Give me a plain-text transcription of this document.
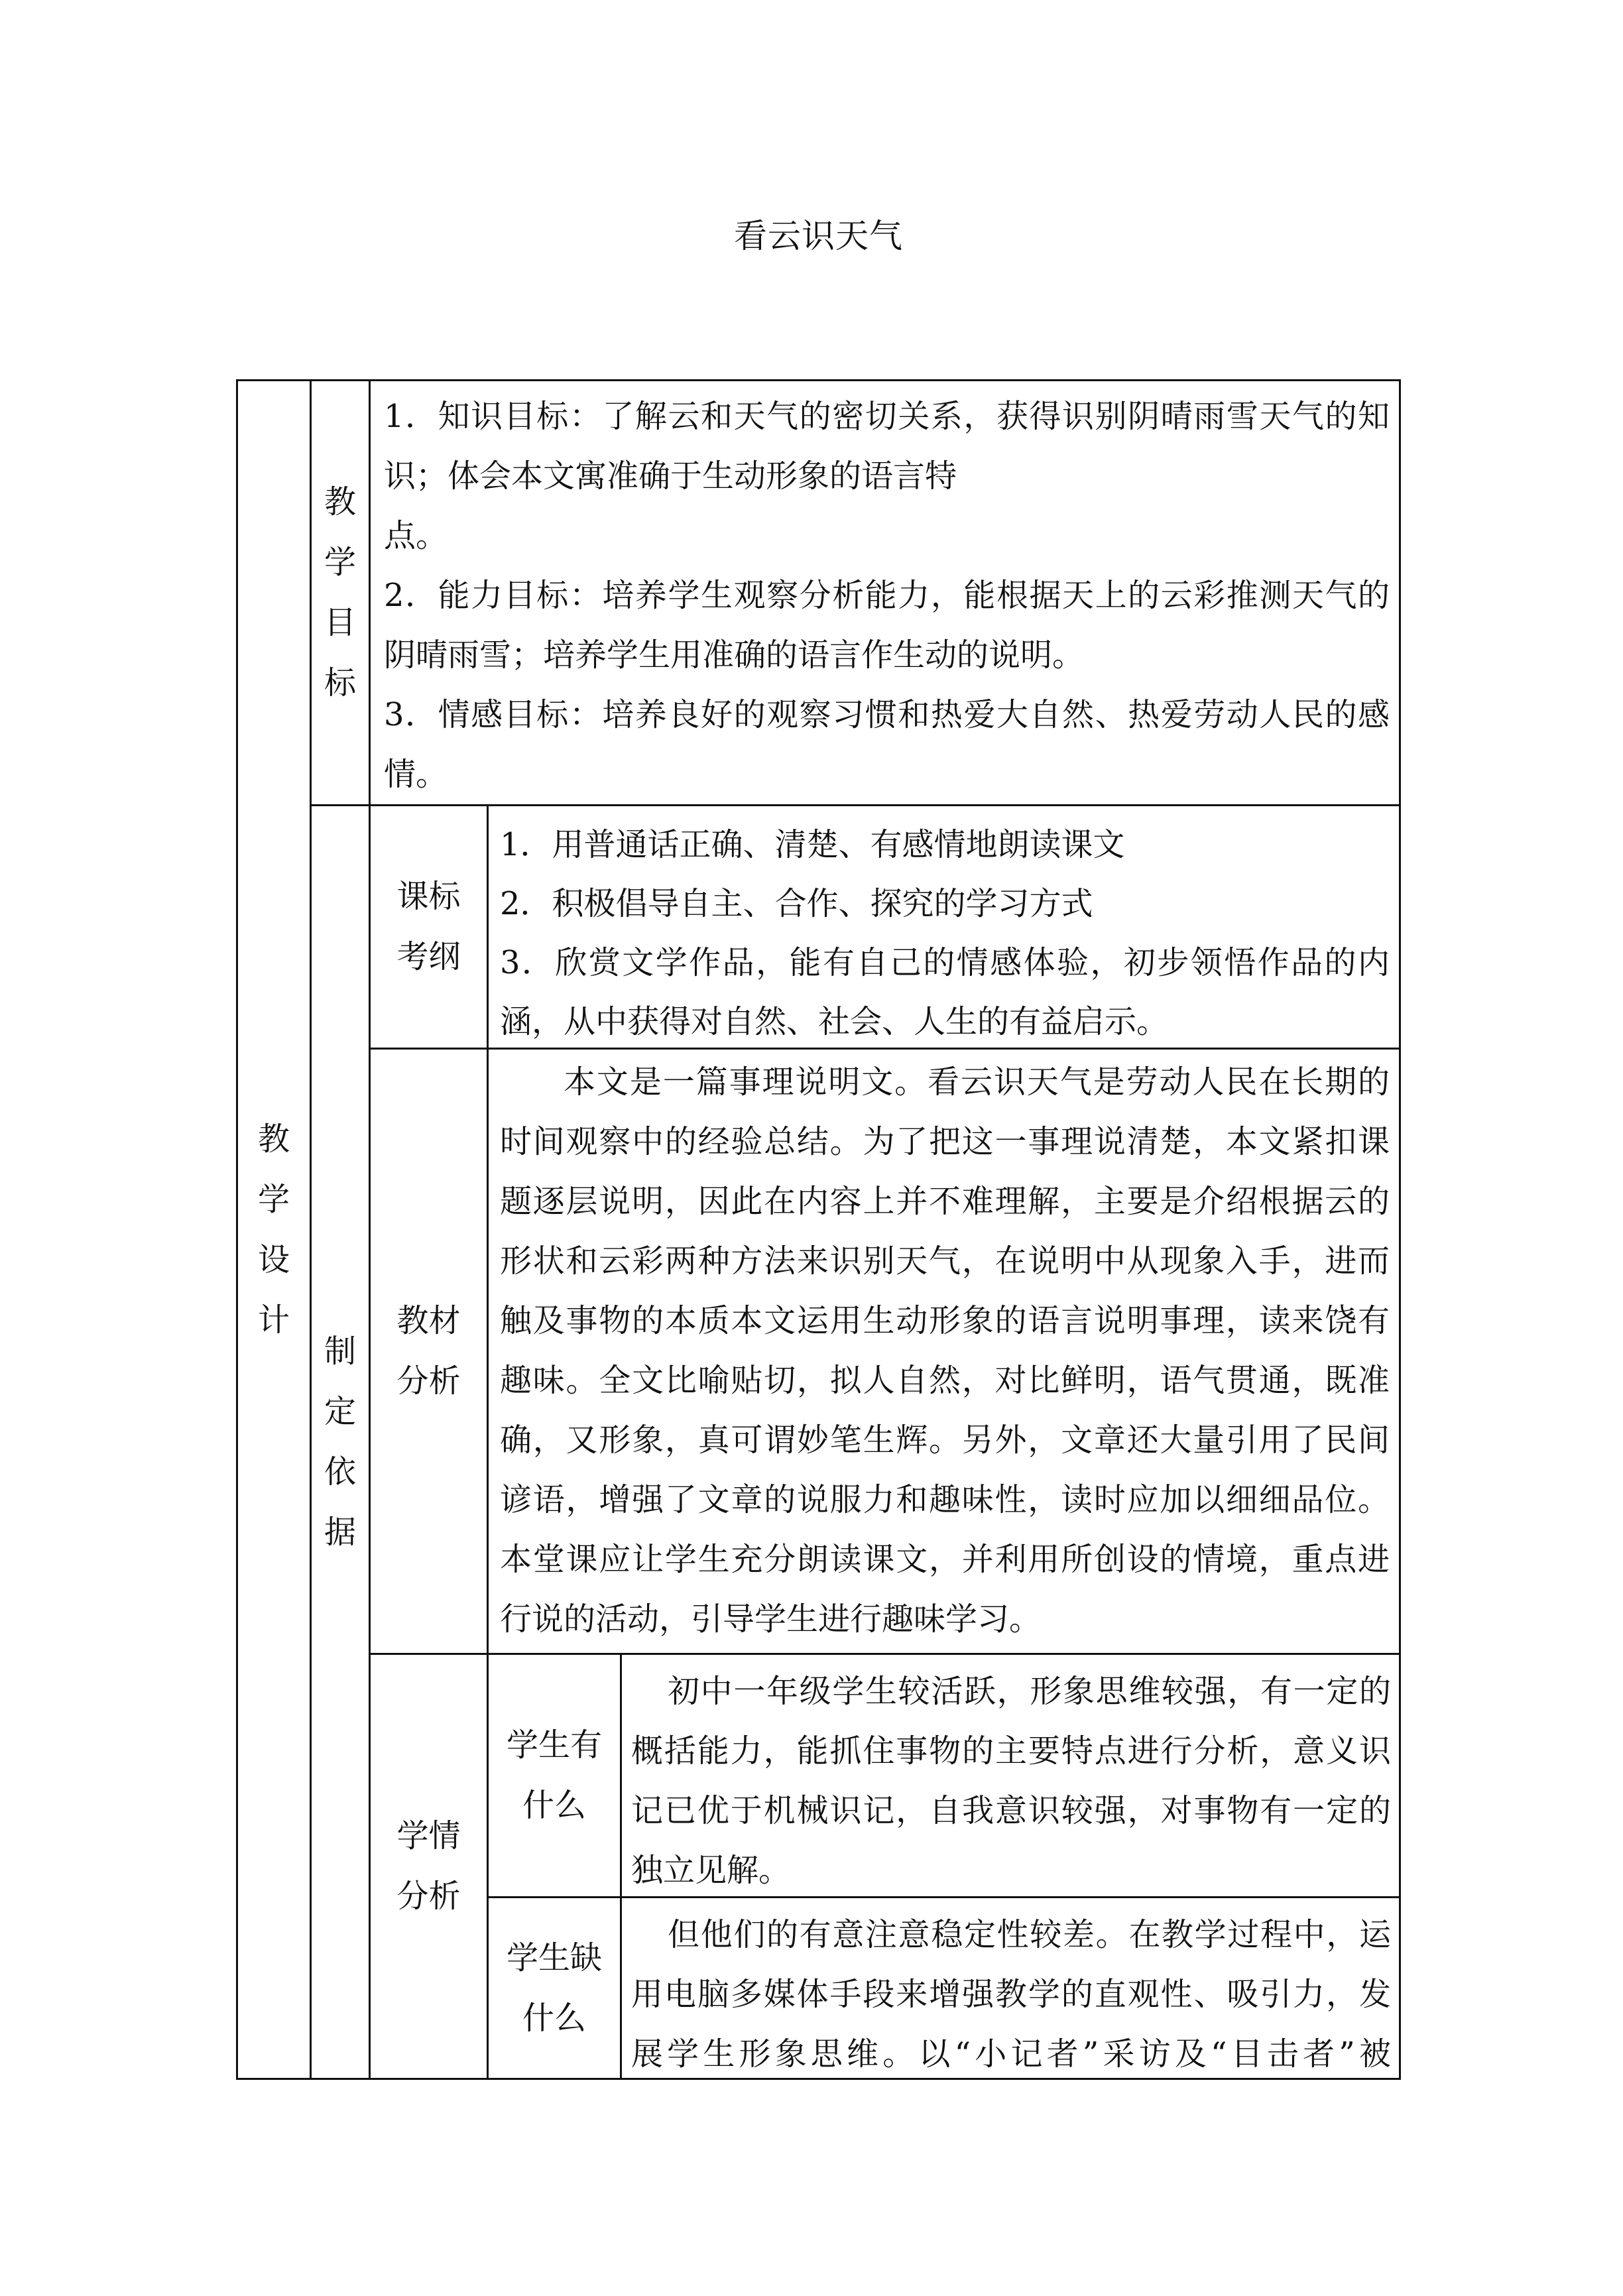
看云识天气
教学设计
教学目标
1．知识目标：了解云和天气的密切关系，获得识别阴晴雨雪天气的知
识；体会本文寓准确于生动形象的语言特
点。
2．能力目标：培养学生观察分析能力，能根据天上的云彩推测天气的
阴晴雨雪；培养学生用准确的语言作生动的说明。
3．情感目标：培养良好的观察习惯和热爱大自然、热爱劳动人民的感
情。
制定依据
课标考纲
1．用普通话正确、清楚、有感情地朗读课文
2．积极倡导自主、合作、探究的学习方式
3．欣赏文学作品，能有自己的情感体验，初步领悟作品的内
涵，从中获得对自然、社会、人生的有益启示。
教材分析
本文是一篇事理说明文。看云识天气是劳动人民在长期的
时间观察中的经验总结。为了把这一事理说清楚，本文紧扣课
题逐层说明，因此在内容上并不难理解，主要是介绍根据云的
形状和云彩两种方法来识别天气，在说明中从现象入手，进而
触及事物的本质本文运用生动形象的语言说明事理，读来饶有
趣味。全文比喻贴切，拟人自然，对比鲜明，语气贯通，既准
确，又形象，真可谓妙笔生辉。另外，文章还大量引用了民间
谚语，增强了文章的说服力和趣味性，读时应加以细细品位。
本堂课应让学生充分朗读课文，并利用所创设的情境，重点进
行说的活动，引导学生进行趣味学习。
学情分析
学生有什么
初中一年级学生较活跃，形象思维较强，有一定的
概括能力，能抓住事物的主要特点进行分析，意义识
记已优于机械识记，自我意识较强，对事物有一定的
独立见解。
学生缺什么
但他们的有意注意稳定性较差。在教学过程中，运
用电脑多媒体手段来增强教学的直观性、吸引力，发
展学生形象思维。以“小记者”采访及“目击者”被
